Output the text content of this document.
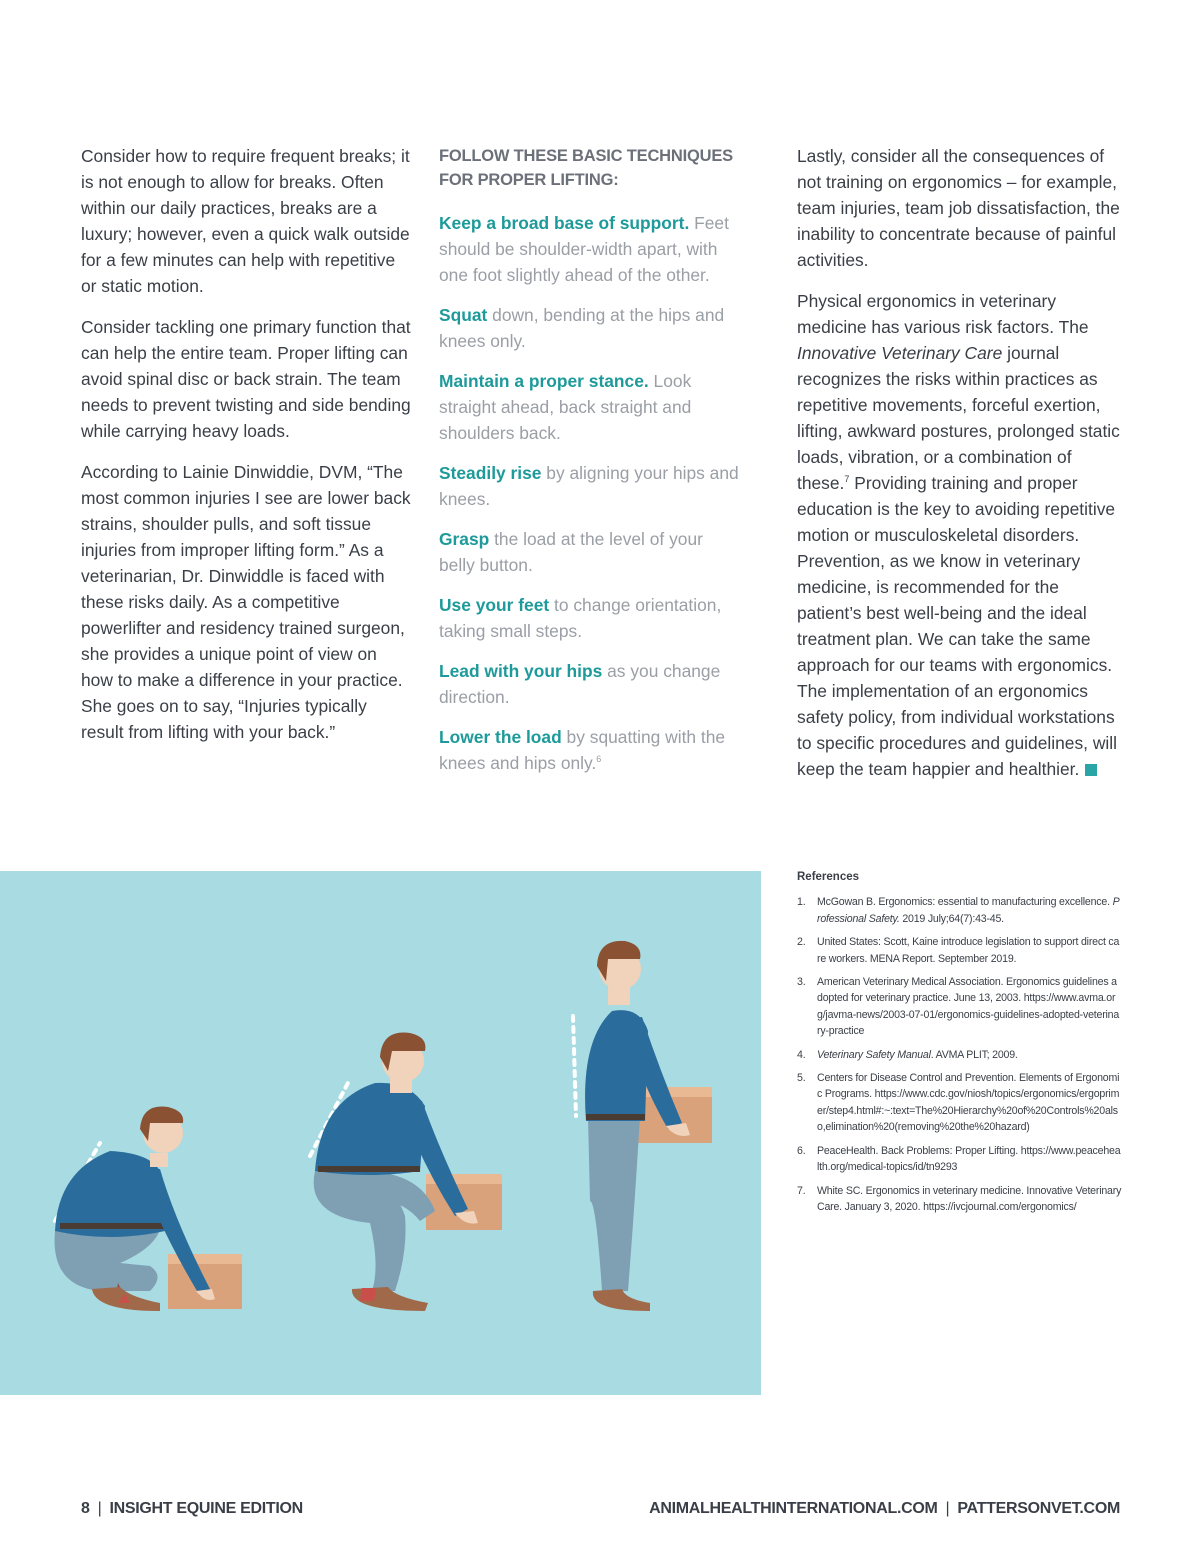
Consider how to require frequent breaks; it is not enough to allow for breaks. Often within our daily practices, breaks are a luxury; however, even a quick walk outside for a few minutes can help with repetitive or static motion.

Consider tackling one primary function that can help the entire team. Proper lifting can avoid spinal disc or back strain. The team needs to prevent twisting and side bending while carrying heavy loads.

According to Lainie Dinwiddie, DVM, “The most common injuries I see are lower back strains, shoulder pulls, and soft tissue injuries from improper lifting form.” As a veterinarian, Dr. Dinwiddle is faced with these risks daily. As a competitive powerlifter and residency trained surgeon, she provides a unique point of view on how to make a difference in your practice. She goes on to say, “Injuries typically result from lifting with your back.”

FOLLOW THESE BASIC TECHNIQUES FOR PROPER LIFTING:

Keep a broad base of support. Feet should be shoulder-width apart, with one foot slightly ahead of the other.

Squat down, bending at the hips and knees only.

Maintain a proper stance. Look straight ahead, back straight and shoulders back.

Steadily rise by aligning your hips and knees.

Grasp the load at the level of your belly button.

Use your feet to change orientation, taking small steps.

Lead with your hips as you change direction.

Lower the load by squatting with the knees and hips only.$^6$

Lastly, consider all the consequences of not training on ergonomics – for example, team injuries, team job dissatisfaction, the inability to concentrate because of painful activities.

Physical ergonomics in veterinary medicine has various risk factors. The Innovative Veterinary Care journal recognizes the risks within practices as repetitive movements, forceful exertion, lifting, awkward postures, prolonged static loads, vibration, or a combination of these.$^7$ Providing training and proper education is the key to avoiding repetitive motion or musculoskeletal disorders. Prevention, as we know in veterinary medicine, is recommended for the patient’s best well-being and the ideal treatment plan. We can take the same approach for our teams with ergonomics. The implementation of an ergonomics safety policy, from individual workstations to specific procedures and guidelines, will keep the team happier and healthier.

References
1.	McGowan B. Ergonomics: essential to manufacturing excellence. Professional Safety. 2019 July;64(7):43-45.
2.	United States: Scott, Kaine introduce legislation to support direct care workers. MENA Report. September 2019.
3.	American Veterinary Medical Association. Ergonomics guidelines adopted for veterinary practice. June 13, 2003. https://www.avma.org/javma-news/2003-07-01/ergonomics-guidelines-adopted-veterinary-practice
4.	Veterinary Safety Manual. AVMA PLIT; 2009.
5.	Centers for Disease Control and Prevention. Elements of Ergonomic Programs. https://www.cdc.gov/niosh/topics/ergonomics/ergoprimer/step4.html#:~:text=The%20Hierarchy%20of%20Controls%20also,elimination%20(removing%20the%20hazard)
6.	PeaceHealth. Back Problems: Proper Lifting. https://www.peacehealth.org/medical-topics/id/tn9293
7.	White SC. Ergonomics in veterinary medicine. Innovative Veterinary Care. January 3, 2020. https://ivcjournal.com/ergonomics/
8 | INSIGHT EQUINE EDITION	ANIMALHEALTHINTERNATIONAL.COM | PATTERSONVET.COM
